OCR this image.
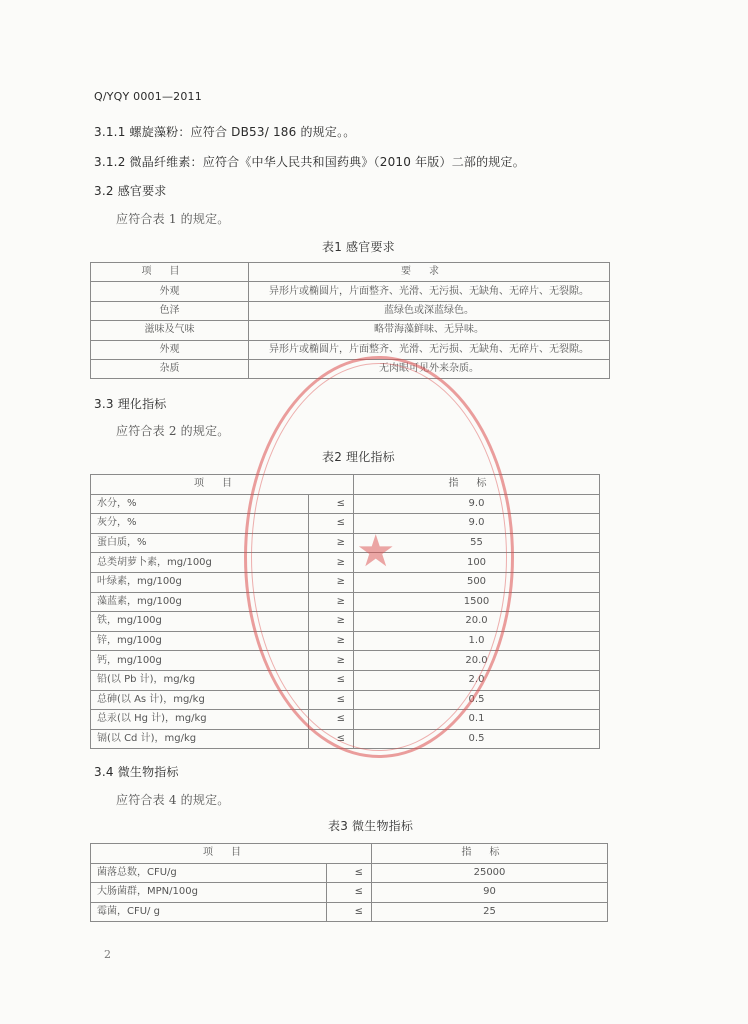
Q/YQY 0001—2011
3.1.1 螺旋藻粉：应符合 DB53/ 186 的规定。。
3.1.2 微晶纤维素：应符合《中华人民共和国药典》（2010 年版）二部的规定。
3.2 感官要求
应符合表 1 的规定。
表1 感官要求
项目	要求
外观	异形片或椭圆片，片面整齐、光滑、无污损、无缺角、无碎片、无裂隙。
色泽	蓝绿色或深蓝绿色。
滋味及气味	略带海藻鲜味、无异味。
外观	异形片或椭圆片，片面整齐、光滑、无污损、无缺角、无碎片、无裂隙。
杂质	无肉眼可见外来杂质。
3.3 理化指标
应符合表 2 的规定。
表2 理化指标
项目		指标
水分，%	≤	9.0
灰分，%	≤	9.0
蛋白质，%	≥	55
总类胡萝卜素，mg/100g	≥	100
叶绿素，mg/100g	≥	500
藻蓝素，mg/100g	≥	1500
铁，mg/100g	≥	20.0
锌，mg/100g	≥	1.0
钙，mg/100g	≥	20.0
铅(以 Pb 计)，mg/kg	≤	2.0
总砷(以 As 计)，mg/kg	≤	0.5
总汞(以 Hg 计)，mg/kg	≤	0.1
镉(以 Cd 计)，mg/kg	≤	0.5
3.4 微生物指标
应符合表 4 的规定。
表3 微生物指标
项目		指标
菌落总数，CFU/g	≤	25000
大肠菌群，MPN/100g	≤	90
霉菌，CFU/ g	≤	25
★
2
